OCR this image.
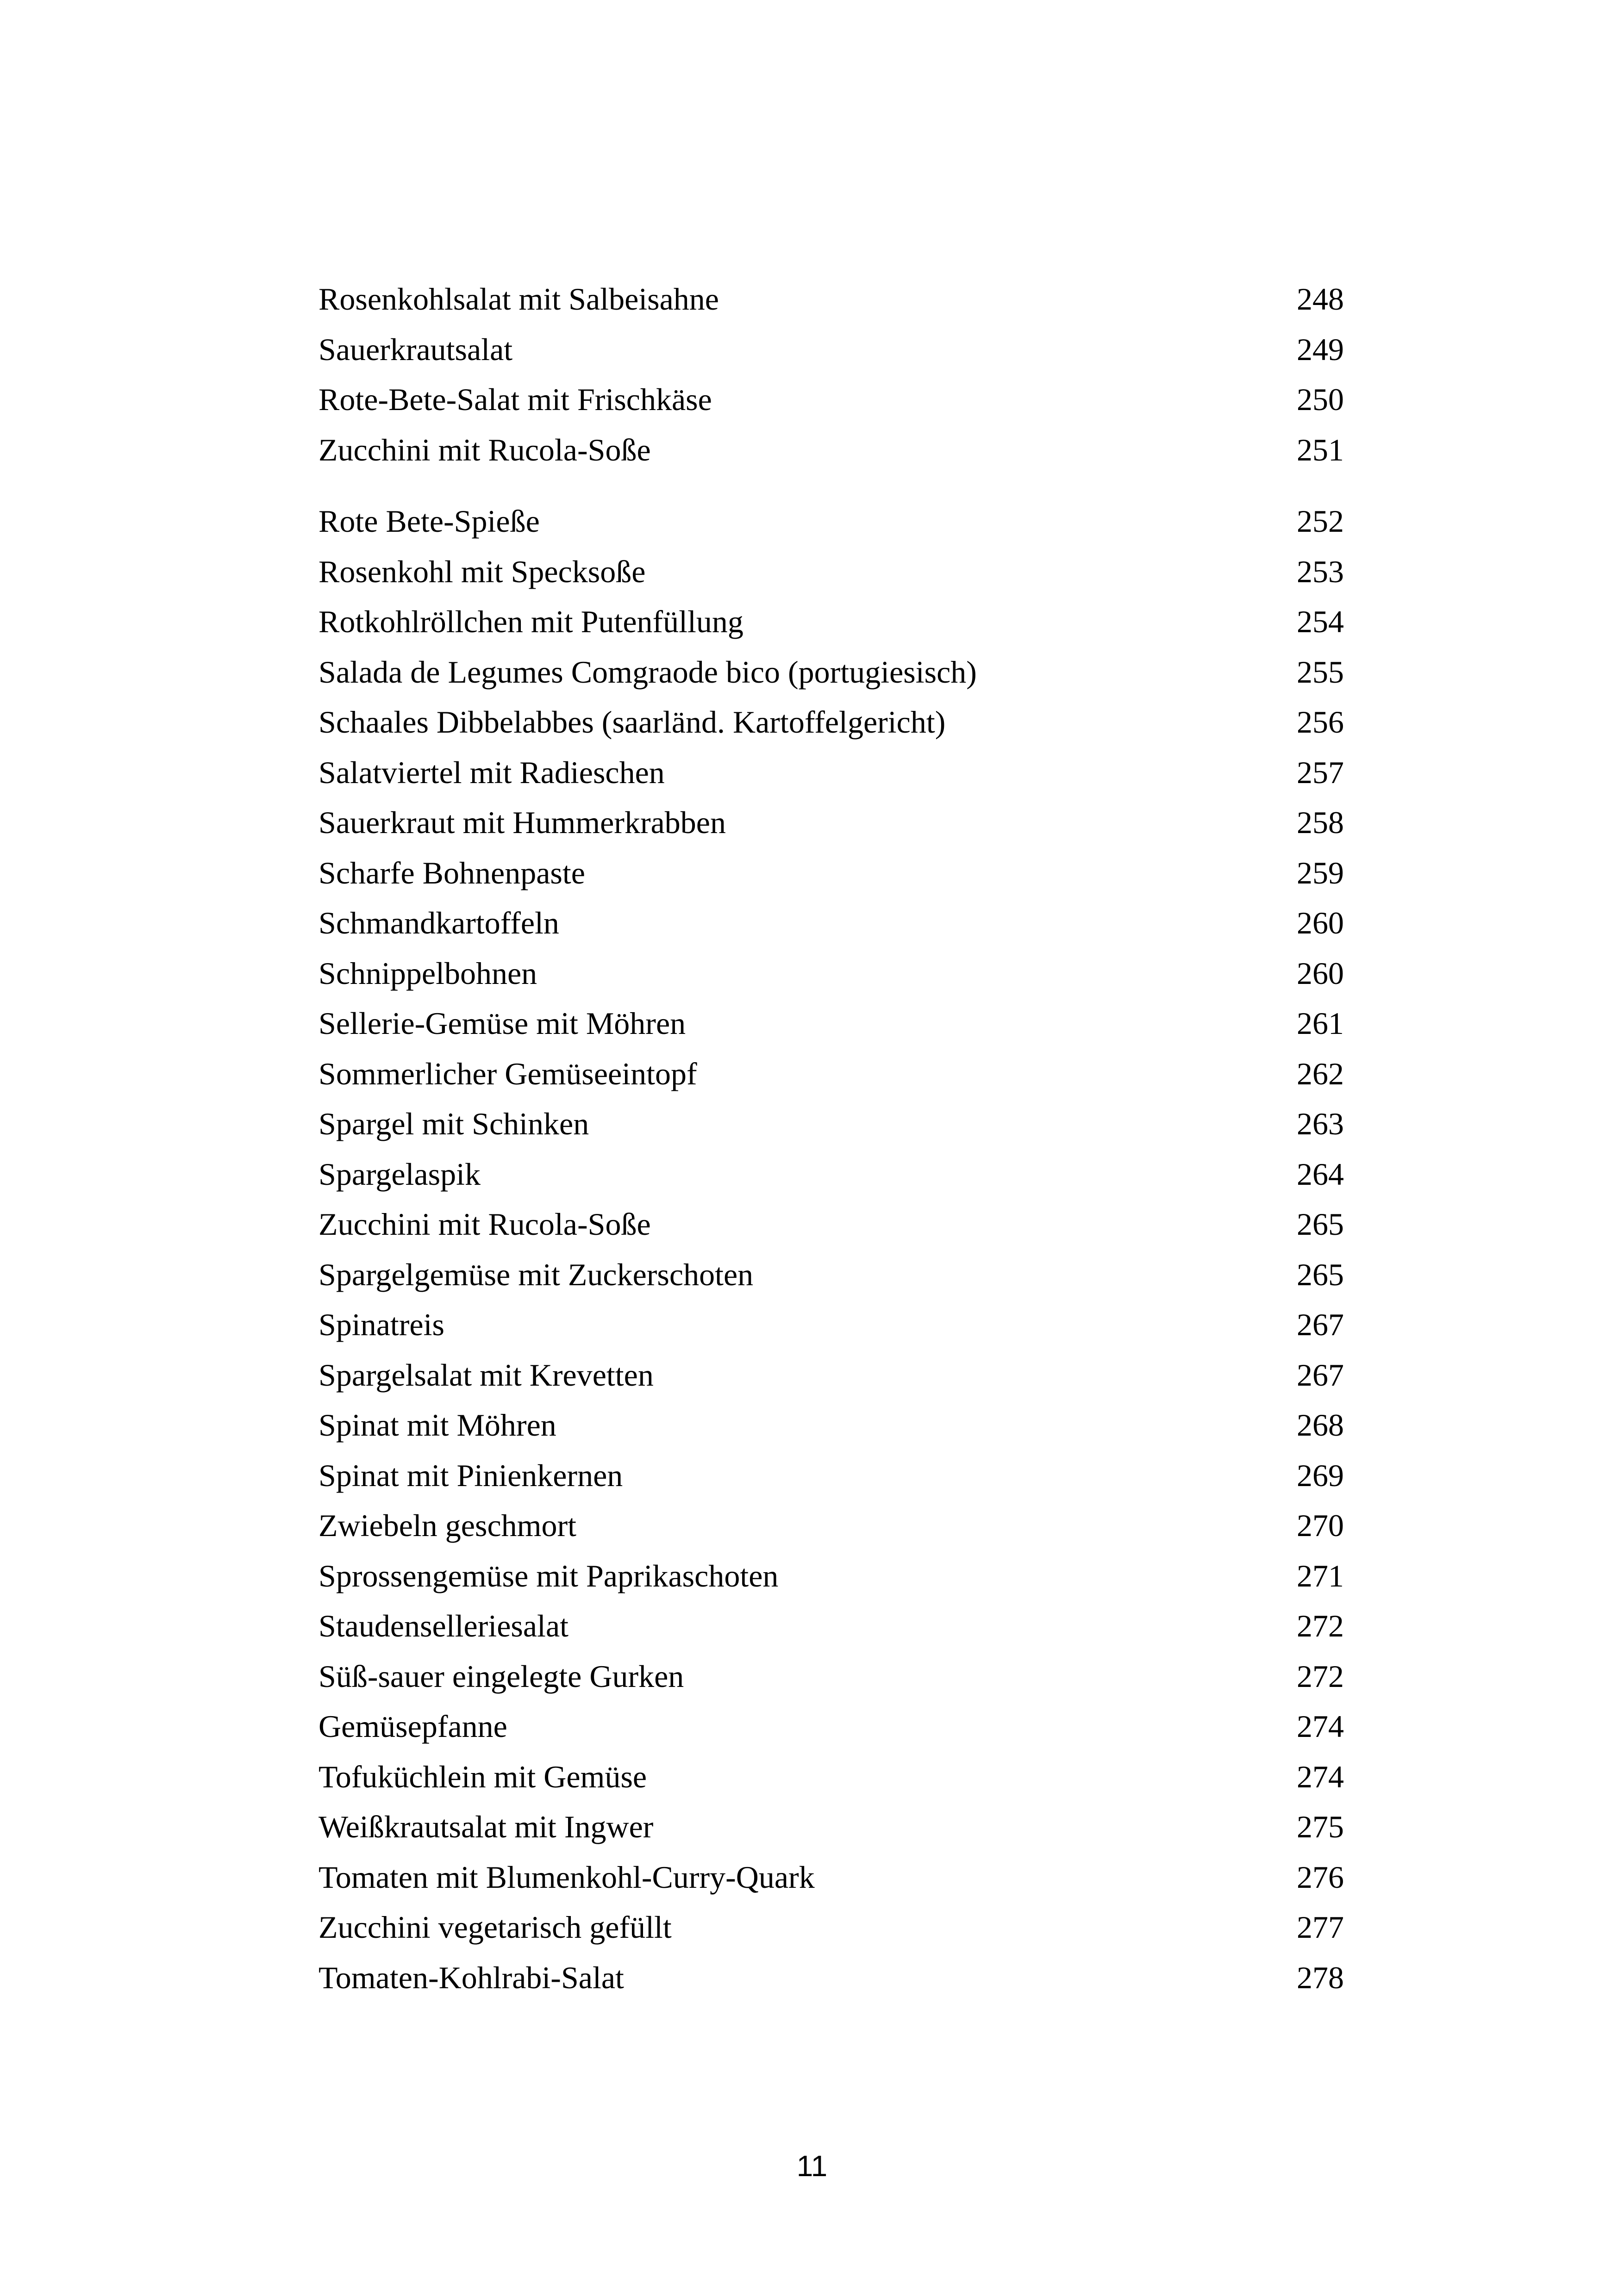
Rosenkohlsalat mit Salbeisahne	248
Sauerkrautsalat	249
Rote-Bete-Salat mit Frischkäse	250
Zucchini mit Rucola-Soße	251
Rote Bete-Spieße	252
Rosenkohl mit Specksoße	253
Rotkohlröllchen mit Putenfüllung	254
Salada de Legumes Comgraode bico (portugiesisch)	255
Schaales Dibbelabbes (saarländ. Kartoffelgericht)	256
Salatviertel mit Radieschen	257
Sauerkraut mit Hummerkrabben	258
Scharfe Bohnenpaste	259
Schmandkartoffeln	260
Schnippelbohnen	260
Sellerie-Gemüse mit Möhren	261
Sommerlicher Gemüseeintopf	262
Spargel mit Schinken	263
Spargelaspik	264
Zucchini mit Rucola-Soße	265
Spargelgemüse mit Zuckerschoten	265
Spinatreis	267
Spargelsalat mit Krevetten	267
Spinat mit Möhren	268
Spinat mit Pinienkernen	269
Zwiebeln geschmort	270
Sprossengemüse mit Paprikaschoten	271
Staudenselleriesalat	272
Süß-sauer eingelegte Gurken	272
Gemüsepfanne	274
Tofuküchlein mit Gemüse	274
Weißkrautsalat mit Ingwer	275
Tomaten mit Blumenkohl-Curry-Quark	276
Zucchini vegetarisch gefüllt	277
Tomaten-Kohlrabi-Salat	278
11
